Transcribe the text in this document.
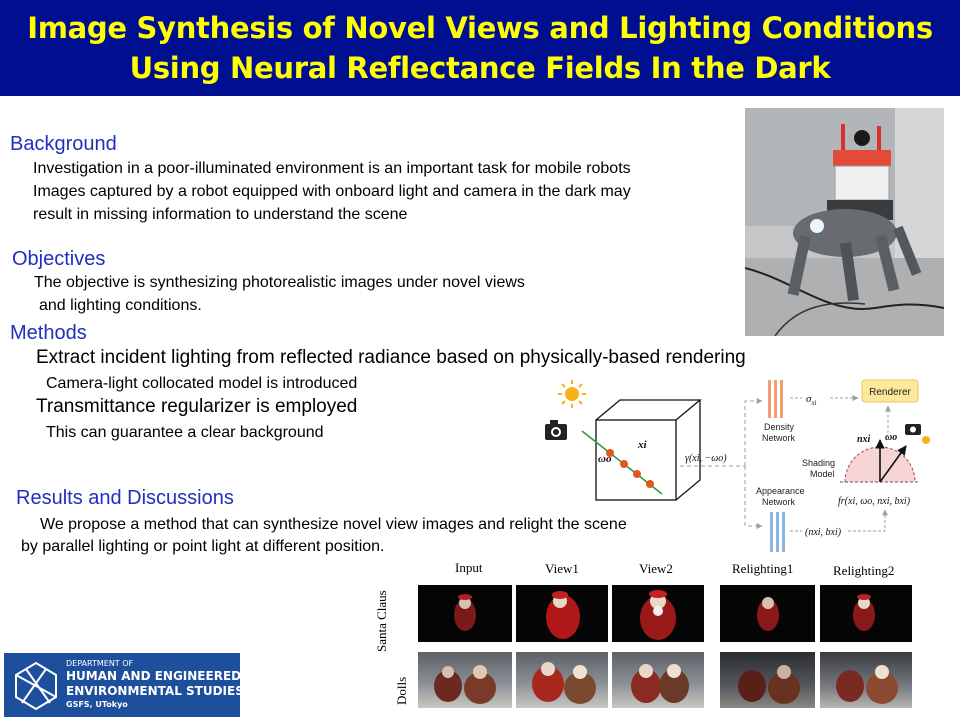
Image Synthesis of Novel Views and Lighting Conditions
Using Neural Reflectance Fields In the Dark
Background
Investigation in a poor-illuminated environment is an important task for mobile robots
Images captured by a robot equipped with onboard light and camera in the dark may
result in missing information to understand the scene
Objectives
The objective is synthesizing photorealistic images under novel views
and lighting conditions.
Methods
Extract incident lighting from reflected radiance based on physically-based rendering
Camera-light collocated model is introduced
Transmittance regularizer is employed
This can guarantee a clear background
xi
ωo	γ(xi, −ωo)
Density
Network
Appearance
Network
$\sigma_{xi}$
Renderer
nxi ωo
Shading
Model
fr(xi, ωo, nxi, bxi)
(nxi, bxi)
Results and Discussions
We propose a method that can synthesize novel view images and relight the scene
by parallel lighting or point light at different position.
Input	View1	View2	Relighting1	Relighting2
Santa Claus
Dolls
DEPARTMENT OF
HUMAN AND ENGINEERED
ENVIRONMENTAL STUDIES
GSFS, UTokyo
